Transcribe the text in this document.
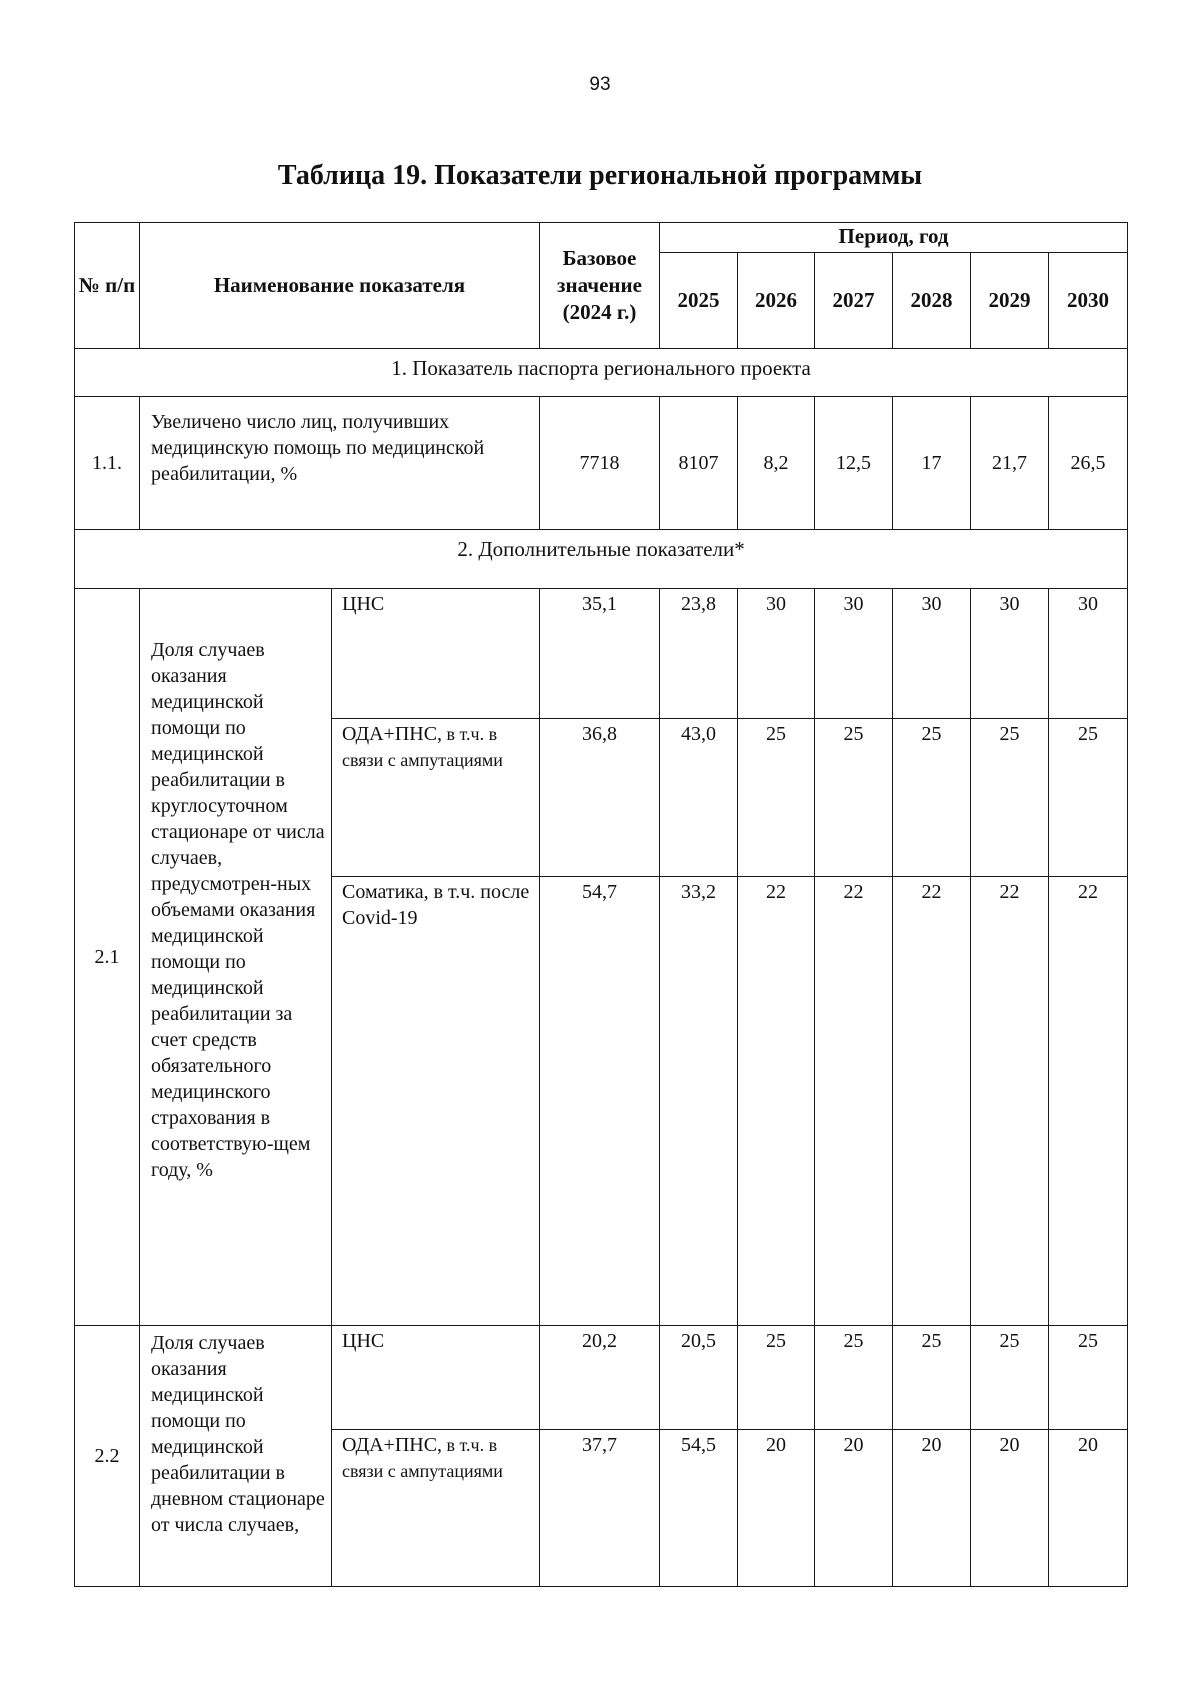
93
Таблица 19. Показатели региональной программы
№ п/п	Наименование показателя		Базовое значение (2024 г.)	Период, год					
				2025	2026	2027	2028	2029	2030
1. Показатель паспорта регионального проекта									
1.1.	Увеличено число лиц, получивших медицинскую помощь по медицинской реабилитации, %		7718	8107	8,2	12,5	17	21,7	26,5
2. Дополнительные показатели*									
2.1	Доля случаев оказания медицинской помощи по медицинской реабилитации в круглосуточном стационаре от числа случаев, предусмотрен-ных объемами оказания медицинской помощи по медицинской реабилитации за счет средств обязательного медицинского страхования в соответствую-щем году, %	ЦНС	35,1	23,8	30	30	30	30	30
		ОДА+ПНС, в т.ч. в связи с ампутациями	36,8	43,0	25	25	25	25	25
		Соматика, в т.ч. после Covid-19	54,7	33,2	22	22	22	22	22
2.2	Доля случаев оказания медицинской помощи по медицинской реабилитации в дневном стационаре от числа случаев,	ЦНС	20,2	20,5	25	25	25	25	25
		ОДА+ПНС, в т.ч. в связи с ампутациями	37,7	54,5	20	20	20	20	20
